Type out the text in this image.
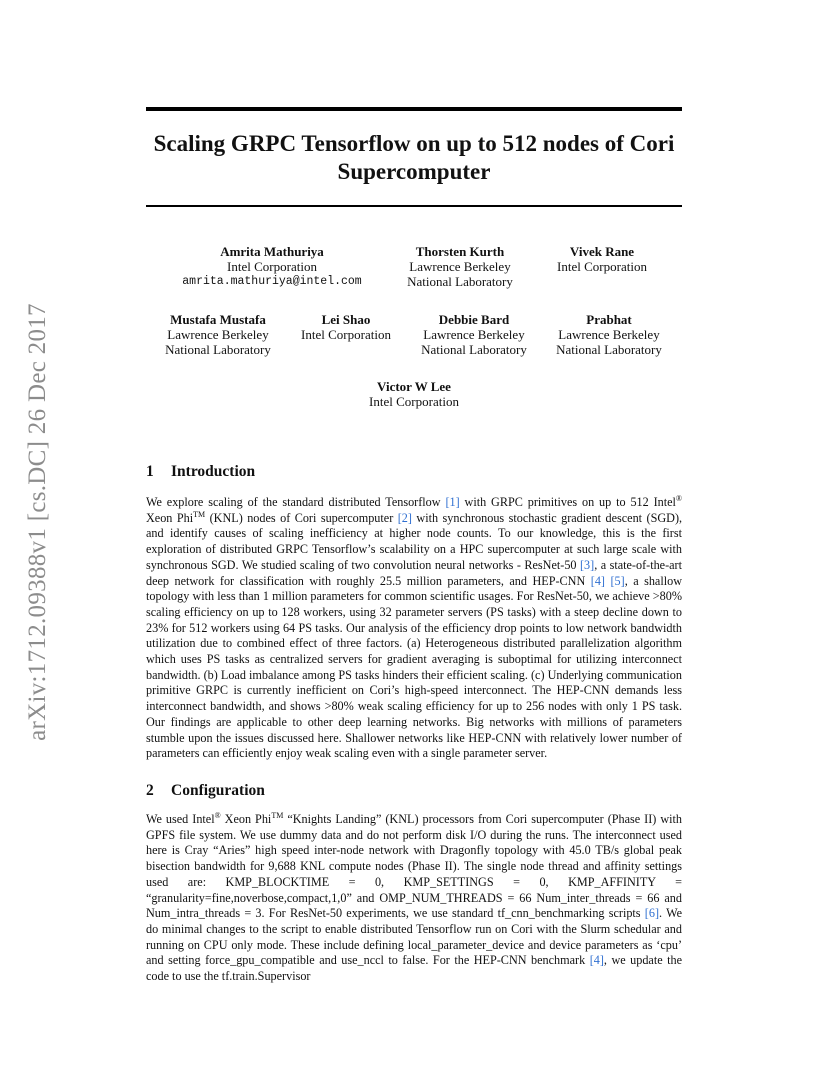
arXiv:1712.09388v1 [cs.DC] 26 Dec 2017
Scaling GRPC Tensorflow on up to 512 nodes of Cori
Supercomputer
Amrita Mathuriya
Intel Corporation
amrita.mathuriya@intel.com
Thorsten Kurth
Lawrence Berkeley
National Laboratory
Vivek Rane
Intel Corporation
Mustafa Mustafa
Lawrence Berkeley
National Laboratory
Lei Shao
Intel Corporation
Debbie Bard
Lawrence Berkeley
National Laboratory
Prabhat
Lawrence Berkeley
National Laboratory
Victor W Lee
Intel Corporation
1 Introduction
We explore scaling of the standard distributed Tensorflow [1] with GRPC primitives on up to 512 Intel® Xeon Phi™ (KNL) nodes of Cori supercomputer [2] with synchronous stochastic gradient descent (SGD), and identify causes of scaling inefficiency at higher node counts. To our knowledge, this is the first exploration of distributed GRPC Tensorflow’s scalability on a HPC supercomputer at such large scale with synchronous SGD. We studied scaling of two convolution neural networks - ResNet-50 [3], a state-of-the-art deep network for classification with roughly 25.5 million parameters, and HEP-CNN [4] [5], a shallow topology with less than 1 million parameters for common scientific usages. For ResNet-50, we achieve >80% scaling efficiency on up to 128 workers, using 32 parameter servers (PS tasks) with a steep decline down to 23% for 512 workers using 64 PS tasks. Our analysis of the efficiency drop points to low network bandwidth utilization due to combined effect of three factors. (a) Heterogeneous distributed parallelization algorithm which uses PS tasks as centralized servers for gradient averaging is suboptimal for utilizing interconnect bandwidth. (b) Load imbalance among PS tasks hinders their efficient scaling. (c) Underlying communication primitive GRPC is currently inefficient on Cori’s high-speed interconnect. The HEP-CNN demands less interconnect bandwidth, and shows >80% weak scaling efficiency for up to 256 nodes with only 1 PS task. Our findings are applicable to other deep learning networks. Big networks with millions of parameters stumble upon the issues discussed here. Shallower networks like HEP-CNN with relatively lower number of parameters can efficiently enjoy weak scaling even with a single parameter server.
2 Configuration
We used Intel® Xeon Phi™ “Knights Landing” (KNL) processors from Cori supercomputer (Phase II) with GPFS file system. We use dummy data and do not perform disk I/O during the runs. The interconnect used here is Cray “Aries” high speed inter-node network with Dragonfly topology with 45.0 TB/s global peak bisection bandwidth for 9,688 KNL compute nodes (Phase II). The single node thread and affinity settings used are: KMP_BLOCKTIME = 0, KMP_SETTINGS = 0, KMP_AFFINITY = “granularity=fine,noverbose,compact,1,0” and OMP_NUM_THREADS = 66 Num_inter_threads = 66 and Num_intra_threads = 3. For ResNet-50 experiments, we use standard tf_cnn_benchmarking scripts [6]. We do minimal changes to the script to enable distributed Tensorflow run on Cori with the Slurm schedular and running on CPU only mode. These include defining local_parameter_device and device parameters as ‘cpu’ and setting force_gpu_compatible and use_nccl to false. For the HEP-CNN benchmark [4], we update the code to use the tf.train.Supervisor
